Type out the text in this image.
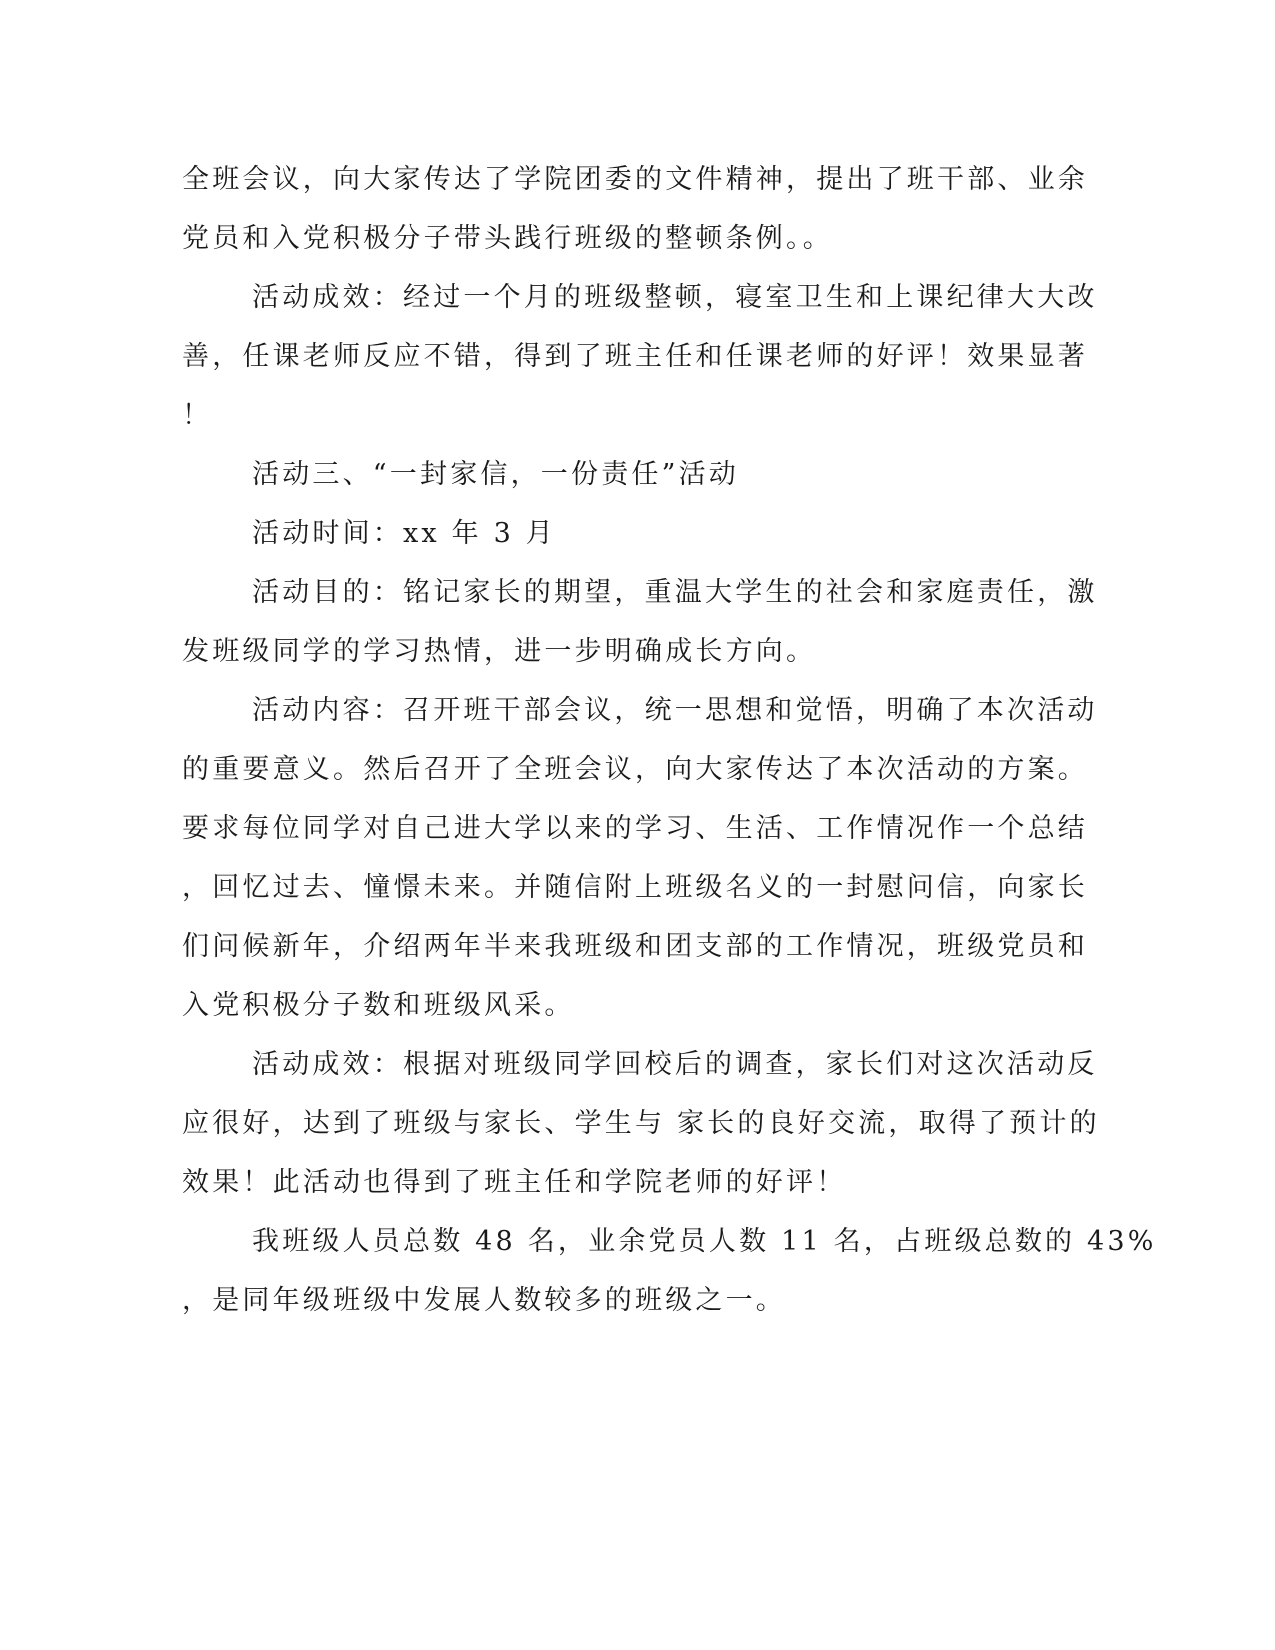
全班会议，向大家传达了学院团委的文件精神，提出了班干部、业余
党员和入党积极分子带头践行班级的整顿条例。。
活动成效：经过一个月的班级整顿，寝室卫生和上课纪律大大改
善，任课老师反应不错，得到了班主任和任课老师的好评！效果显著
！
活动三、“一封家信，一份责任”活动
活动时间：xx 年 3 月
活动目的：铭记家长的期望，重温大学生的社会和家庭责任，激
发班级同学的学习热情，进一步明确成长方向。
活动内容：召开班干部会议，统一思想和觉悟，明确了本次活动
的重要意义。然后召开了全班会议，向大家传达了本次活动的方案。
要求每位同学对自己进大学以来的学习、生活、工作情况作一个总结
，回忆过去、憧憬未来。并随信附上班级名义的一封慰问信，向家长
们问候新年，介绍两年半来我班级和团支部的工作情况，班级党员和
入党积极分子数和班级风采。
活动成效：根据对班级同学回校后的调查，家长们对这次活动反
应很好，达到了班级与家长、学生与 家长的良好交流，取得了预计的
效果！此活动也得到了班主任和学院老师的好评！
我班级人员总数 48 名，业余党员人数 11 名，占班级总数的 43%
，是同年级班级中发展人数较多的班级之一。
